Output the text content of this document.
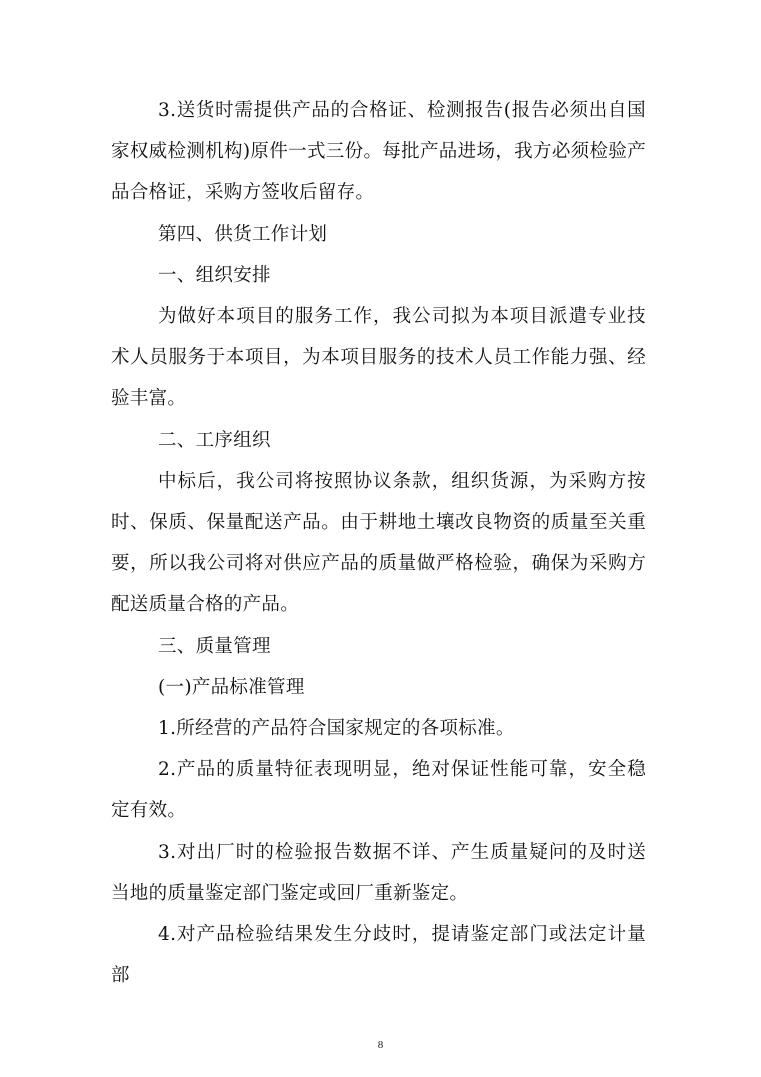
3.送货时需提供产品的合格证、检测报告(报告必须出自国家权威检测机构)原件一式三份。每批产品进场，我方必须检验产品合格证，采购方签收后留存。

第四、供货工作计划

一、组织安排

为做好本项目的服务工作，我公司拟为本项目派遣专业技术人员服务于本项目，为本项目服务的技术人员工作能力强、经验丰富。

二、工序组织

中标后，我公司将按照协议条款，组织货源，为采购方按时、保质、保量配送产品。由于耕地土壤改良物资的质量至关重要，所以我公司将对供应产品的质量做严格检验，确保为采购方配送质量合格的产品。

三、质量管理

(一)产品标准管理

1.所经营的产品符合国家规定的各项标准。

2.产品的质量特征表现明显，绝对保证性能可靠，安全稳定有效。

3.对出厂时的检验报告数据不详、产生质量疑问的及时送当地的质量鉴定部门鉴定或回厂重新鉴定。

4.对产品检验结果发生分歧时，提请鉴定部门或法定计量部

8
